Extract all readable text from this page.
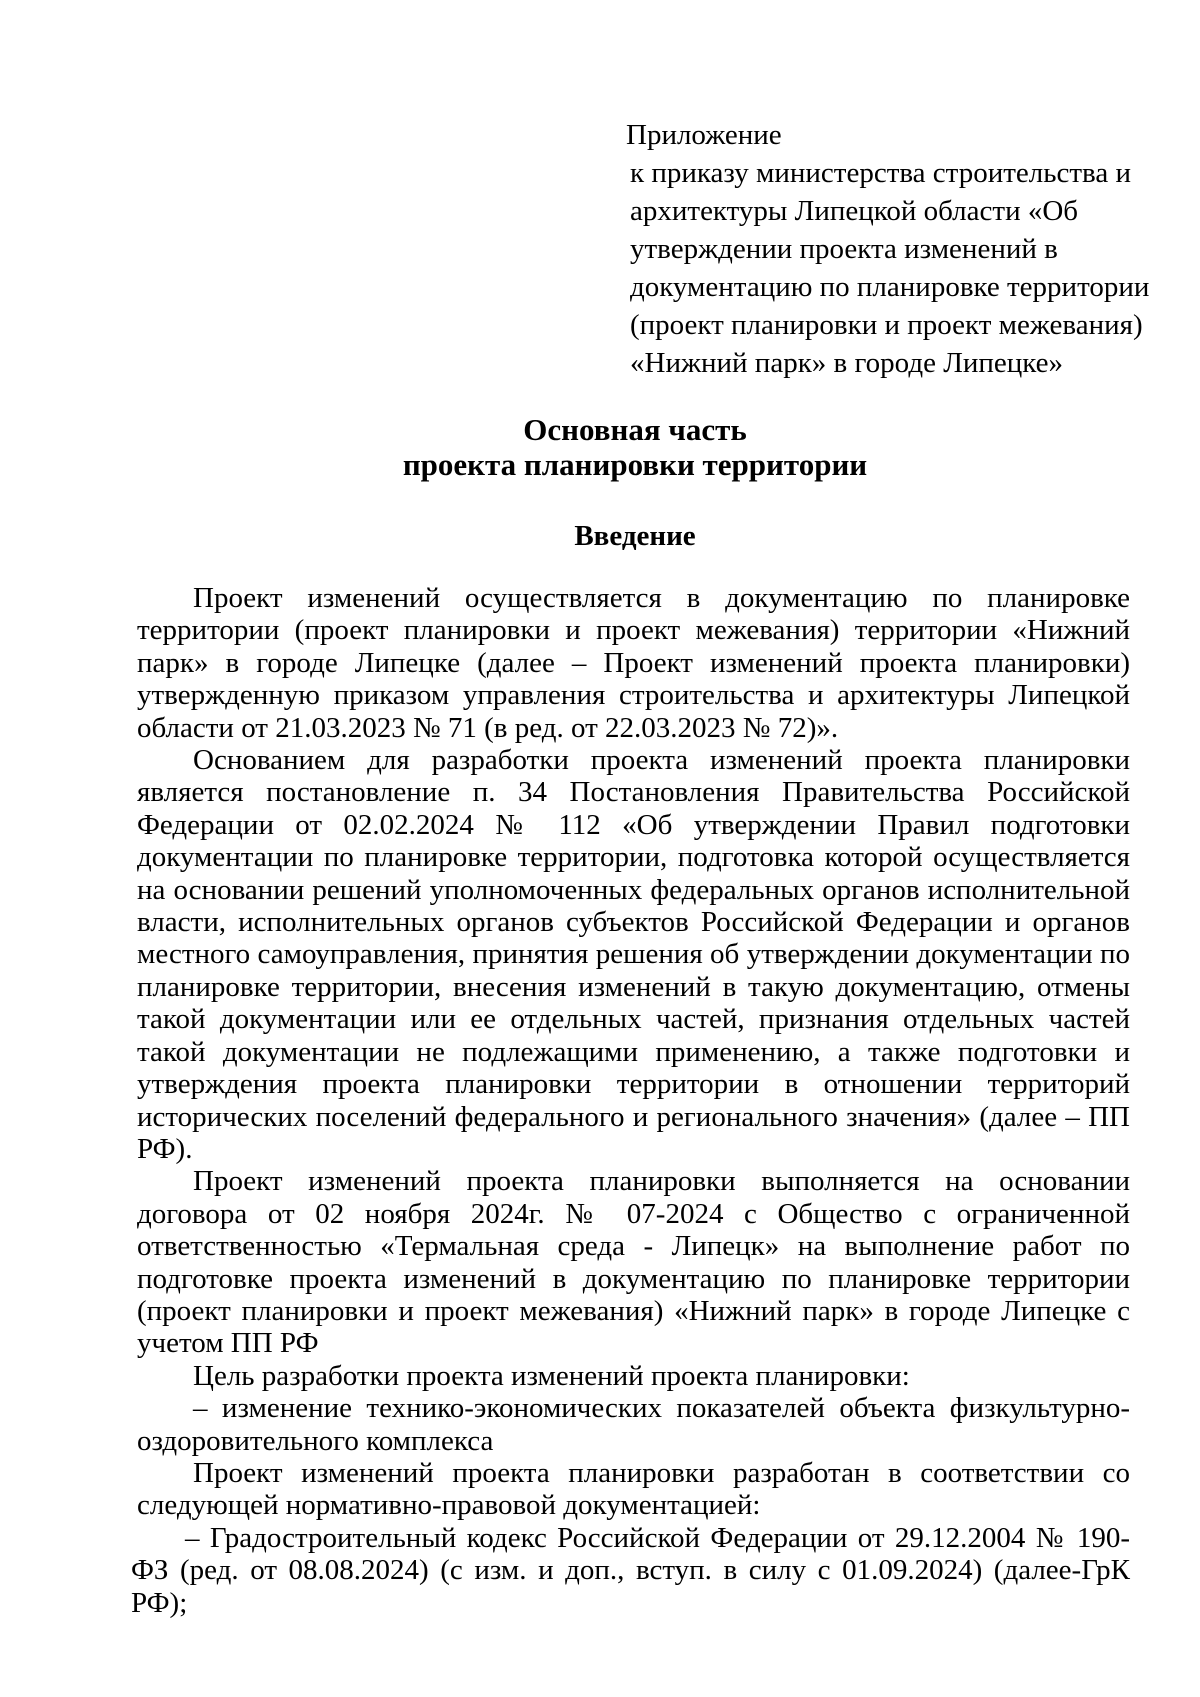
Приложение
к приказу министерства строительства и
архитектуры Липецкой области «Об
утверждении проекта изменений в
документацию по планировке территории
(проект планировки и проект межевания)
«Нижний парк» в городе Липецке»
Основная часть
проекта планировки территории
Введение

Проект изменений осуществляется в документацию по планировке территории (проект планировки и проект межевания) территории «Нижний парк» в городе Липецке (далее – Проект изменений проекта планировки) утвержденную приказом управления строительства и архитектуры Липецкой области от 21.03.2023 № 71 (в ред. от 22.03.2023 № 72)».

Основанием для разработки проекта изменений проекта планировки является постановление п. 34 Постановления Правительства Российской Федерации от 02.02.2024 № 112 «Об утверждении Правил подготовки документации по планировке территории, подготовка которой осуществляется на основании решений уполномоченных федеральных органов исполнительной власти, исполнительных органов субъектов Российской Федерации и органов местного самоуправления, принятия решения об утверждении документации по планировке территории, внесения изменений в такую документацию, отмены такой документации или ее отдельных частей, признания отдельных частей такой документации не подлежащими применению, а также подготовки и утверждения проекта планировки территории в отношении территорий исторических поселений федерального и регионального значения» (далее – ПП РФ).

Проект изменений проекта планировки выполняется на основании договора от 02 ноября 2024г. № 07-2024 с Общество с ограниченной ответственностью «Термальная среда - Липецк» на выполнение работ по подготовке проекта изменений в документацию по планировке территории (проект планировки и проект межевания) «Нижний парк» в городе Липецке с учетом ПП РФ

Цель разработки проекта изменений проекта планировки:

– изменение технико-экономических показателей объекта физкультурно-оздоровительного комплекса

Проект изменений проекта планировки разработан в соответствии со следующей нормативно-правовой документацией:

– Градостроительный кодекс Российской Федерации от 29.12.2004 № 190-ФЗ (ред. от 08.08.2024) (с изм. и доп., вступ. в силу с 01.09.2024) (далее-ГрК РФ);
